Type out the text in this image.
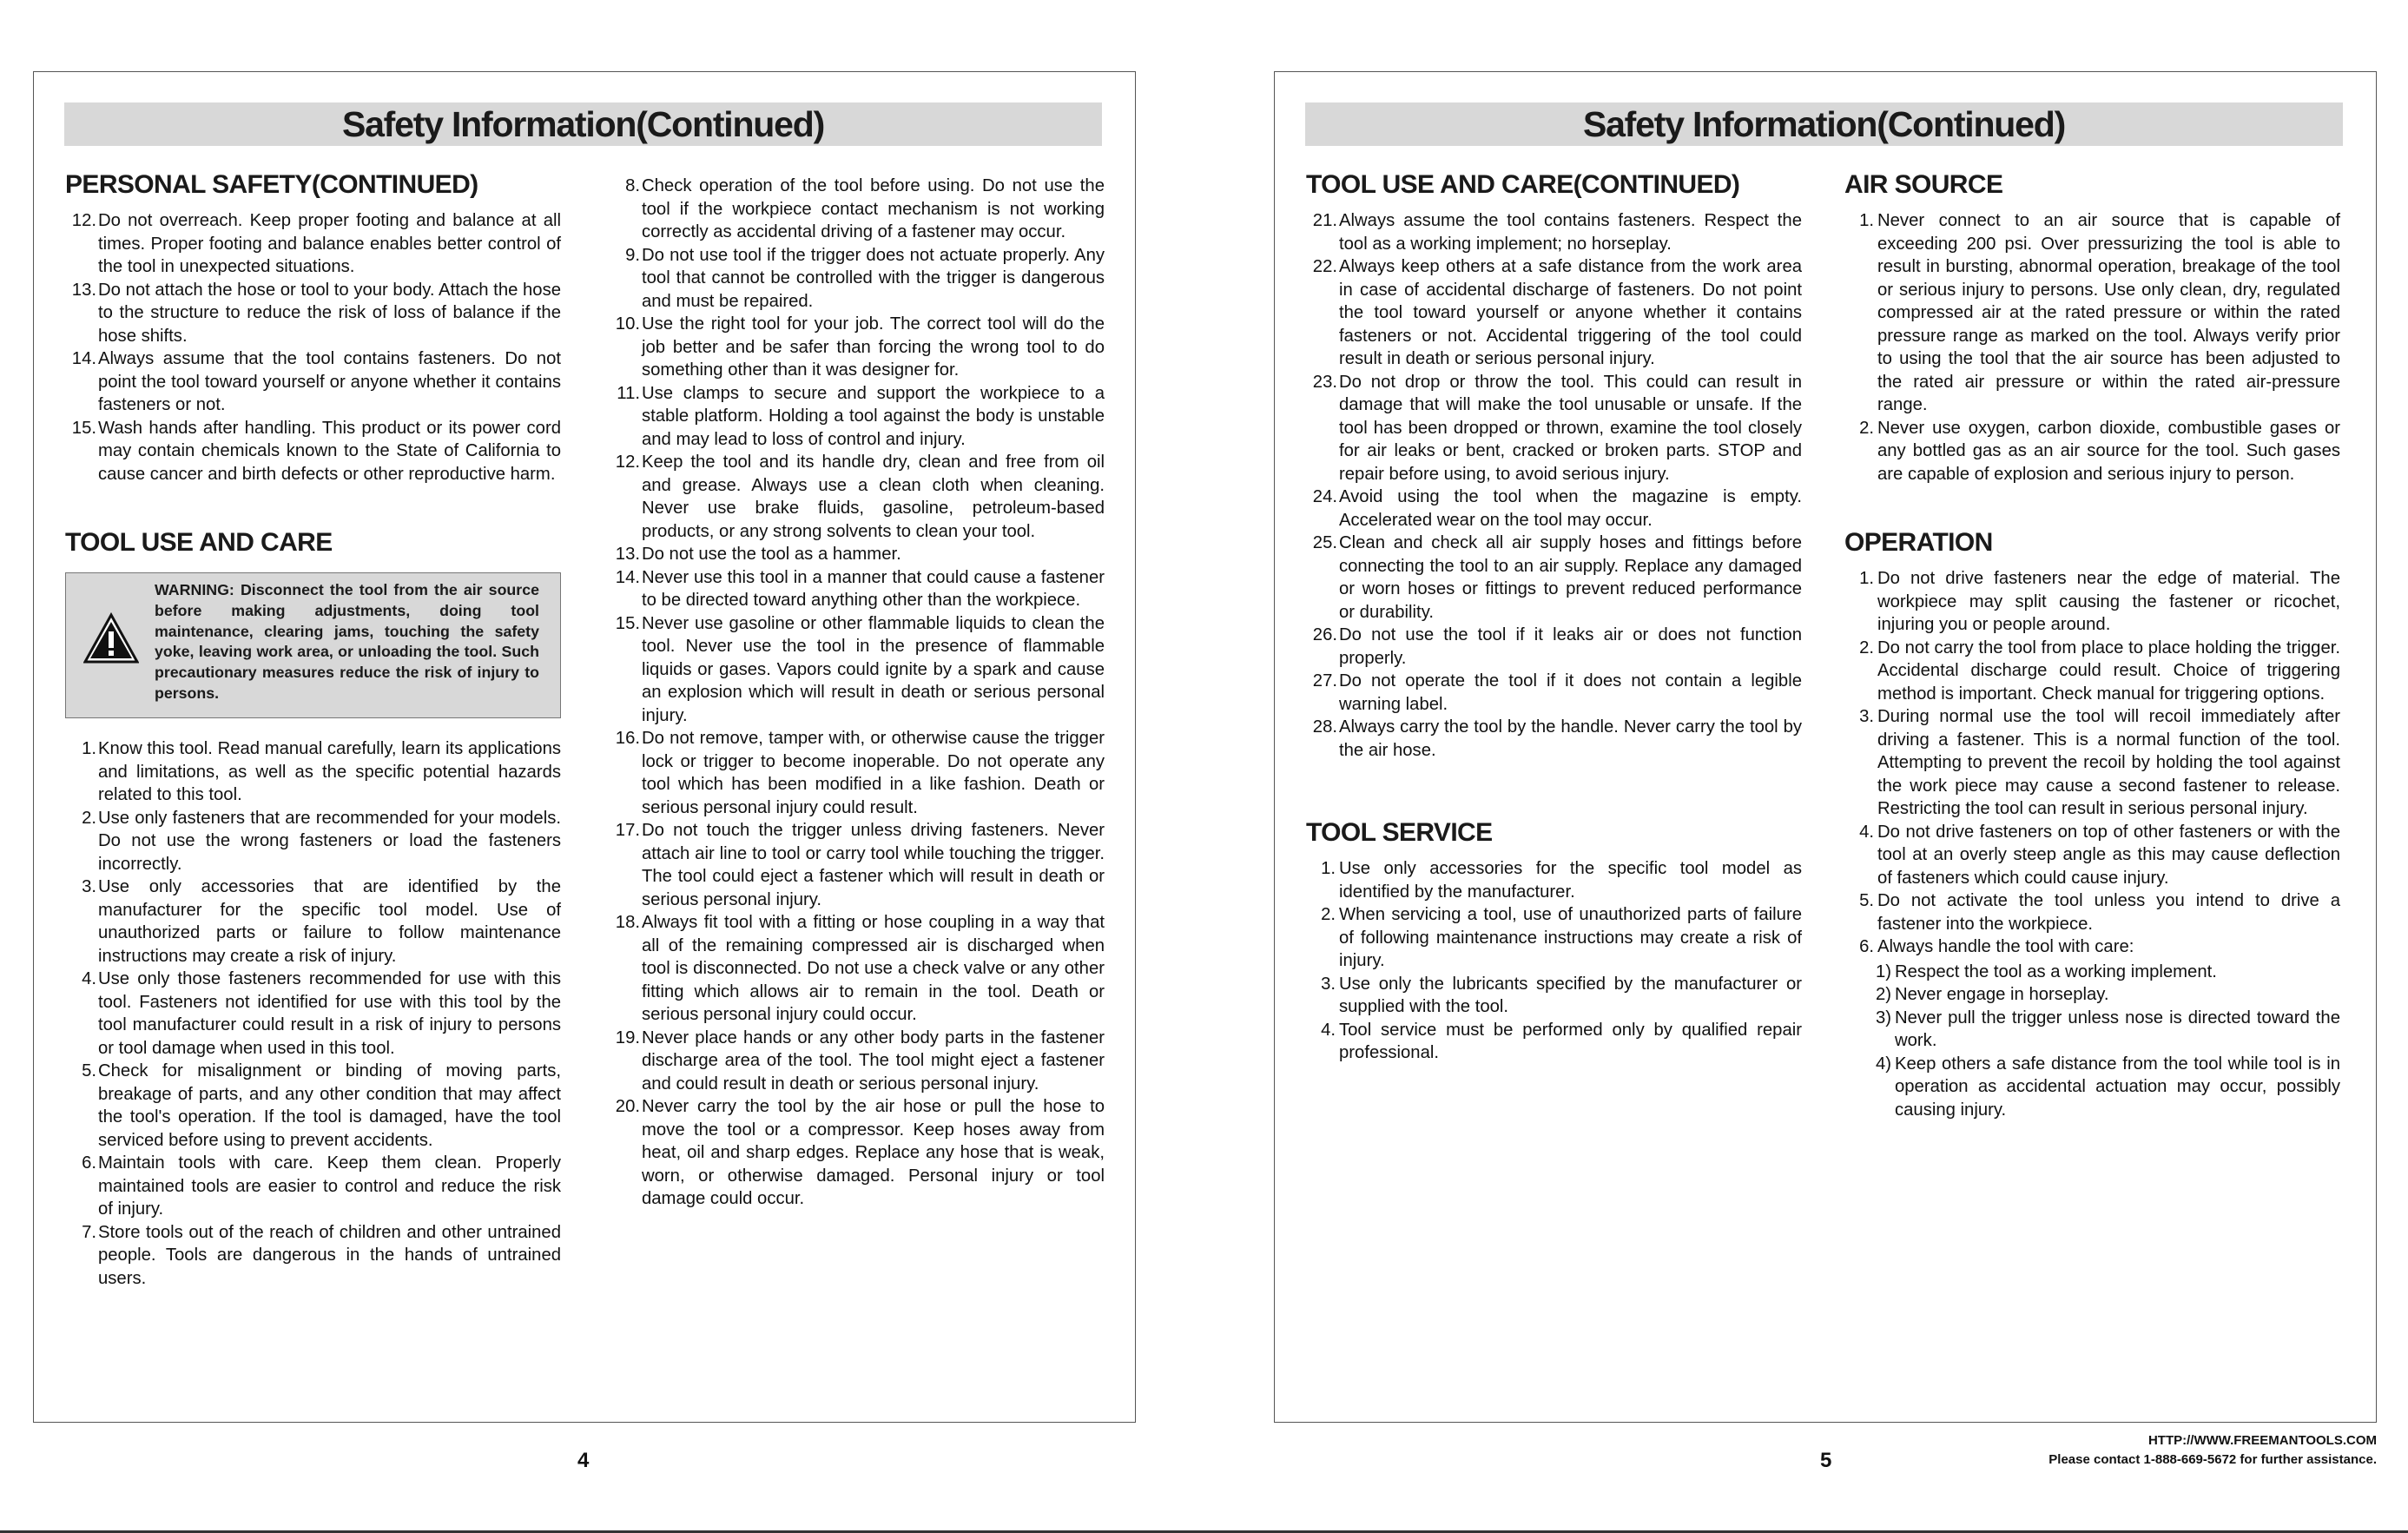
Safety Information(Continued)
PERSONAL SAFETY(CONTINUED)
12. Do not overreach. Keep proper footing and balance at all times. Proper footing and balance enables better control of the tool in unexpected situations.
13. Do not attach the hose or tool to your body. Attach the hose to the structure to reduce the risk of loss of balance if the hose shifts.
14. Always assume that the tool contains fasteners. Do not point the tool toward yourself or anyone whether it contains fasteners or not.
15. Wash hands after handling. This product or its power cord may contain chemicals known to the State of California to cause cancer and birth defects or other reproductive harm.
TOOL USE AND CARE
WARNING: Disconnect the tool from the air source before making adjustments, doing tool maintenance, clearing jams, touching the safety yoke, leaving work area, or unloading the tool. Such precautionary measures reduce the risk of injury to persons.
1. Know this tool. Read manual carefully, learn its applications and limitations, as well as the specific potential hazards related to this tool.
2. Use only fasteners that are recommended for your models. Do not use the wrong fasteners or load the fasteners incorrectly.
3. Use only accessories that are identified by the manufacturer for the specific tool model. Use of unauthorized parts or failure to follow maintenance instructions may create a risk of injury.
4. Use only those fasteners recommended for use with this tool. Fasteners not identified for use with this tool by the tool manufacturer could result in a risk of injury to persons or tool damage when used in this tool.
5. Check for misalignment or binding of moving parts, breakage of parts, and any other condition that may affect the tool's operation. If the tool is damaged, have the tool serviced before using to prevent accidents.
6. Maintain tools with care. Keep them clean. Properly maintained tools are easier to control and reduce the risk of injury.
7. Store tools out of the reach of children and other untrained people. Tools are dangerous in the hands of untrained users.
8. Check operation of the tool before using. Do not use the tool if the workpiece contact mechanism is not working correctly as accidental driving of a fastener may occur.
9. Do not use tool if the trigger does not actuate properly. Any tool that cannot be controlled with the trigger is dangerous and must be repaired.
10. Use the right tool for your job. The correct tool will do the job better and be safer than forcing the wrong tool to do something other than it was designer for.
11. Use clamps to secure and support the workpiece to a stable platform. Holding a tool against the body is unstable and may lead to loss of control and injury.
12. Keep the tool and its handle dry, clean and free from oil and grease. Always use a clean cloth when cleaning. Never use brake fluids, gasoline, petroleum-based products, or any strong solvents to clean your tool.
13. Do not use the tool as a hammer.
14. Never use this tool in a manner that could cause a fastener to be directed toward anything other than the workpiece.
15. Never use gasoline or other flammable liquids to clean the tool. Never use the tool in the presence of flammable liquids or gases. Vapors could ignite by a spark and cause an explosion which will result in death or serious personal injury.
16. Do not remove, tamper with, or otherwise cause the trigger lock or trigger to become inoperable. Do not operate any tool which has been modified in a like fashion. Death or serious personal injury could result.
17. Do not touch the trigger unless driving fasteners. Never attach air line to tool or carry tool while touching the trigger. The tool could eject a fastener which will result in death or serious personal injury.
18. Always fit tool with a fitting or hose coupling in a way that all of the remaining compressed air is discharged when tool is disconnected. Do not use a check valve or any other fitting which allows air to remain in the tool. Death or serious personal injury could occur.
19. Never place hands or any other body parts in the fastener discharge area of the tool. The tool might eject a fastener and could result in death or serious personal injury.
20. Never carry the tool by the air hose or pull the hose to move the tool or a compressor. Keep hoses away from heat, oil and sharp edges. Replace any hose that is weak, worn, or otherwise damaged. Personal injury or tool damage could occur.
4
Safety Information(Continued)
TOOL USE AND CARE(CONTINUED)
21. Always assume the tool contains fasteners. Respect the tool as a working implement; no horseplay.
22. Always keep others at a safe distance from the work area in case of accidental discharge of fasteners. Do not point the tool toward yourself or anyone whether it contains fasteners or not. Accidental triggering of the tool could result in death or serious personal injury.
23. Do not drop or throw the tool. This could can result in damage that will make the tool unusable or unsafe. If the tool has been dropped or thrown, examine the tool closely for air leaks or bent, cracked or broken parts. STOP and repair before using, to avoid serious injury.
24. Avoid using the tool when the magazine is empty. Accelerated wear on the tool may occur.
25. Clean and check all air supply hoses and fittings before connecting the tool to an air supply. Replace any damaged or worn hoses or fittings to prevent reduced performance or durability.
26. Do not use the tool if it leaks air or does not function properly.
27. Do not operate the tool if it does not contain a legible warning label.
28. Always carry the tool by the handle. Never carry the tool by the air hose.
TOOL SERVICE
1. Use only accessories for the specific tool model as identified by the manufacturer.
2. When servicing a tool, use of unauthorized parts of failure of following maintenance instructions may create a risk of injury.
3. Use only the lubricants specified by the manufacturer or supplied with the tool.
4. Tool service must be performed only by qualified repair professional.
AIR SOURCE
1. Never connect to an air source that is capable of exceeding 200 psi. Over pressurizing the tool is able to result in bursting, abnormal operation, breakage of the tool or serious injury to persons. Use only clean, dry, regulated compressed air at the rated pressure or within the rated pressure range as marked on the tool. Always verify prior to using the tool that the air source has been adjusted to the rated air pressure or within the rated air-pressure range.
2. Never use oxygen, carbon dioxide, combustible gases or any bottled gas as an air source for the tool. Such gases are capable of explosion and serious injury to person.
OPERATION
1. Do not drive fasteners near the edge of material. The workpiece may split causing the fastener or ricochet, injuring you or people around.
2. Do not carry the tool from place to place holding the trigger. Accidental discharge could result. Choice of triggering method is important. Check manual for triggering options.
3. During normal use the tool will recoil immediately after driving a fastener. This is a normal function of the tool. Attempting to prevent the recoil by holding the tool against the work piece may cause a second fastener to release. Restricting the tool can result in serious personal injury.
4. Do not drive fasteners on top of other fasteners or with the tool at an overly steep angle as this may cause deflection of fasteners which could cause injury.
5. Do not activate the tool unless you intend to drive a fastener into the workpiece.
6. Always handle the tool with care:
1) Respect the tool as a working implement.
2) Never engage in horseplay.
3) Never pull the trigger unless nose is directed toward the work.
4) Keep others a safe distance from the tool while tool is in operation as accidental actuation may occur, possibly causing injury.
5
HTTP://WWW.FREEMANTOOLS.COM
Please contact 1-888-669-5672 for further assistance.
